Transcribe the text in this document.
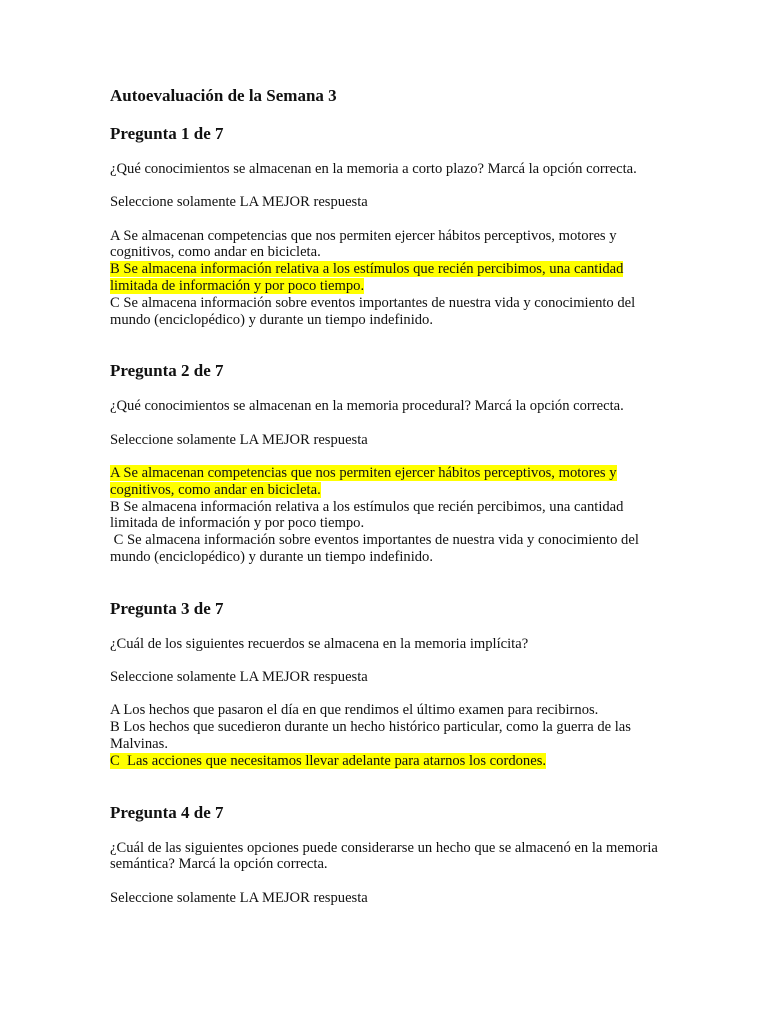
Autoevaluación de la Semana 3
Pregunta 1 de 7
¿Qué conocimientos se almacenan en la memoria a corto plazo? Marcá la opción correcta.
Seleccione solamente LA MEJOR respuesta
A Se almacenan competencias que nos permiten ejercer hábitos perceptivos, motores y cognitivos, como andar en bicicleta.
B Se almacena información relativa a los estímulos que recién percibimos, una cantidad limitada de información y por poco tiempo.
C Se almacena información sobre eventos importantes de nuestra vida y conocimiento del mundo (enciclopédico) y durante un tiempo indefinido.
Pregunta 2 de 7
¿Qué conocimientos se almacenan en la memoria procedural? Marcá la opción correcta.
Seleccione solamente LA MEJOR respuesta
A Se almacenan competencias que nos permiten ejercer hábitos perceptivos, motores y cognitivos, como andar en bicicleta.
B Se almacena información relativa a los estímulos que recién percibimos, una cantidad limitada de información y por poco tiempo.
C Se almacena información sobre eventos importantes de nuestra vida y conocimiento del mundo (enciclopédico) y durante un tiempo indefinido.
Pregunta 3 de 7
¿Cuál de los siguientes recuerdos se almacena en la memoria implícita?
Seleccione solamente LA MEJOR respuesta
A Los hechos que pasaron el día en que rendimos el último examen para recibirnos.
B Los hechos que sucedieron durante un hecho histórico particular, como la guerra de las Malvinas.
C  Las acciones que necesitamos llevar adelante para atarnos los cordones.
Pregunta 4 de 7
¿Cuál de las siguientes opciones puede considerarse un hecho que se almacenó en la memoria semántica? Marcá la opción correcta.
Seleccione solamente LA MEJOR respuesta
